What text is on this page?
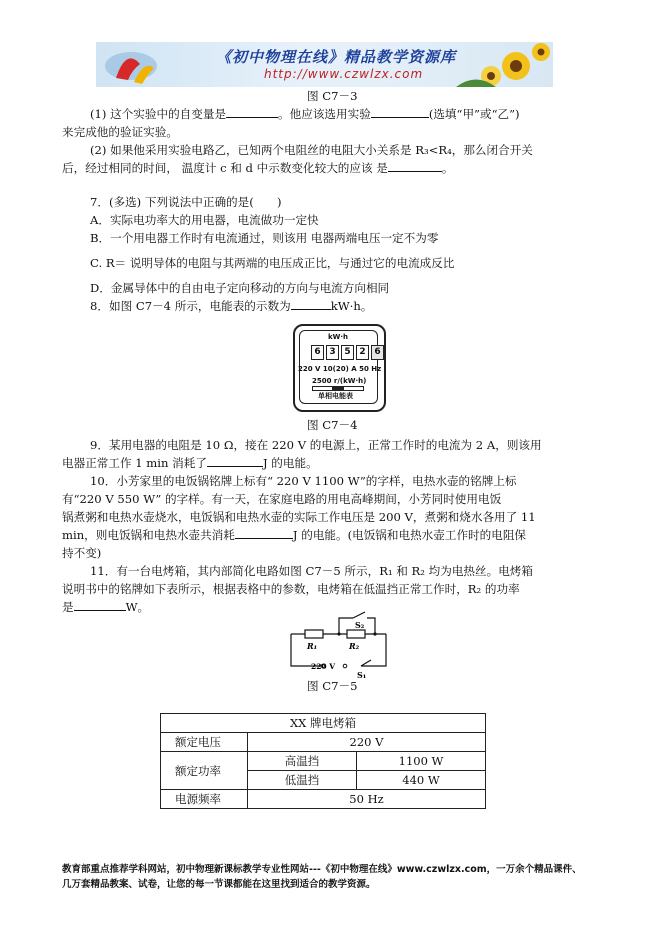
《初中物理在线》精品教学资源库
http://www.czwlzx.com
图 C7－3
(1) 这个实验中的自变量是	。他应该选用实验	(选填“甲”或“乙”)
来完成他的验证实验。
(2) 如果他采用实验电路乙，已知两个电阻丝的电阻大小关系是 R₃<R₄，那么闭合开关
后，经过相同的时间， 温度计 c 和 d 中示数变化较大的应该 是	。
7．(多选) 下列说法中正确的是(　　)
A．实际电功率大的用电器，电流做功一定快
B．一个用电器工作时有电流通过，则该用 电器两端电压一定不为零
C. R＝ 说明导体的电阻与其两端的电压成正比，与通过它的电流成反比
D．金属导体中的自由电子定向移动的方向与电流方向相同
8．如图 C7－4 所示，电能表的示数为	kW·h。
kW·h
6 3 5 2 6
220 V 10(20) A 50 Hz
2500 r/(kW·h)
单相电能表
图 C7－4
9．某用电器的电阻是 10 Ω，接在 220 V 的电源上，正常工作时的电流为 2 A，则该用
电器正常工作 1 min 消耗了	J 的电能。
10．小芳家里的电饭锅铭牌上标有“ 220 V 1100 W”的字样，电热水壶的铭牌上标
有“220 V 550 W” 的字样。有一天，在家庭电路的用电高峰期间，小芳同时使用电饭
锅煮粥和电热水壶烧水，电饭锅和电热水壶的实际工作电压是 200 V，煮粥和烧水各用了 11
min，则电饭锅和电热水壶共消耗	J 的电能。(电饭锅和电热水壶工作时的电阻保
持不变)
11．有一台电烤箱，其内部简化电路如图 C7－5 所示，R₁ 和 R₂ 均为电热丝。电烤箱
说明书中的铭牌如下表所示，根据表格中的参数，电烤箱在低温挡正常工作时，R₂ 的功率
是	W。
S₂
R₁	R₂
220 V
S₁
图 C7－5
XX 牌电烤箱		
额定电压	220 V	
额定功率	高温挡	1100 W
	低温挡	440 W
电源频率	50 Hz	
教育部重点推荐学科网站，初中物理新课标教学专业性网站---《初中物理在线》www.czwlzx.com，一万余个精品课件、
几万套精品教案、试卷，让您的每一节课都能在这里找到适合的教学资源。
